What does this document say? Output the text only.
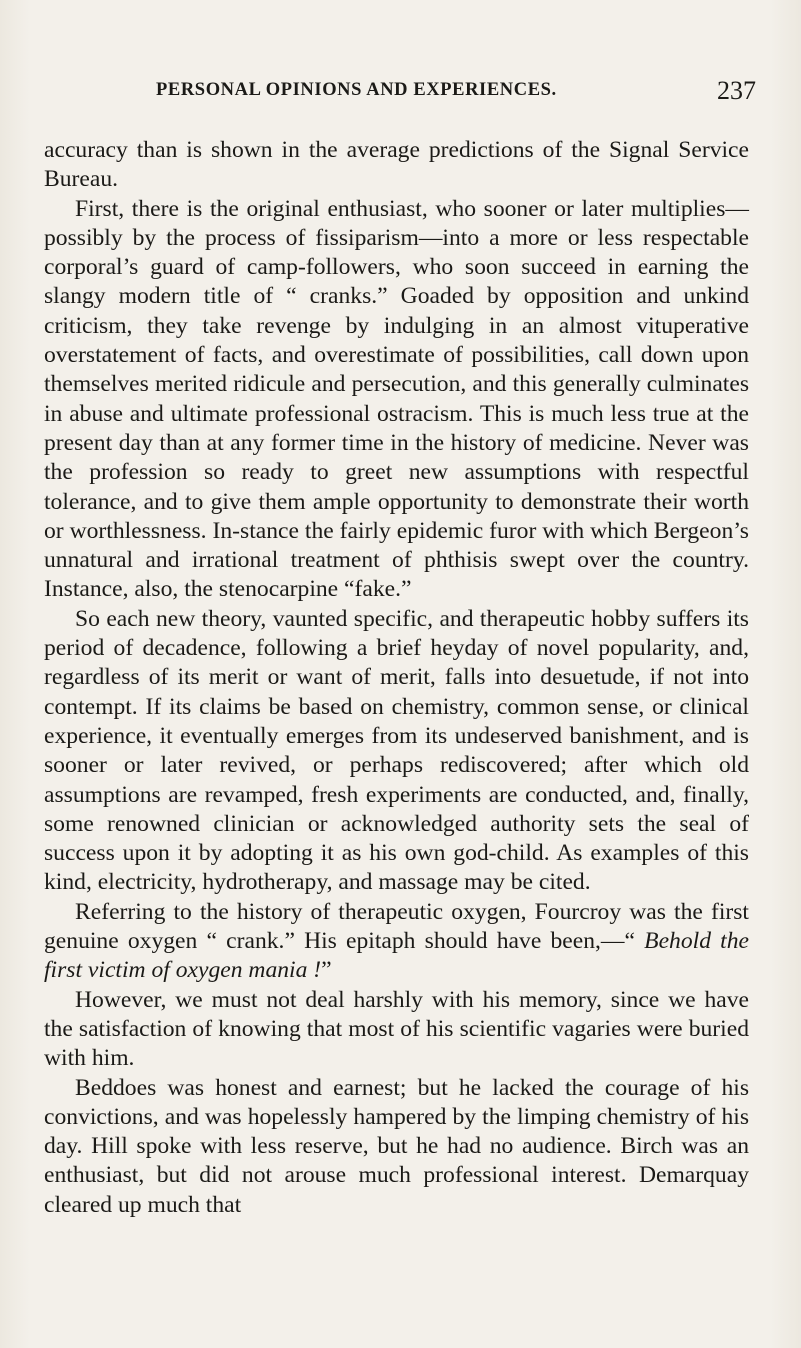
PERSONAL OPINIONS AND EXPERIENCES.	237

accuracy than is shown in the average predictions of the Signal Service Bureau.

First, there is the original enthusiast, who sooner or later multiplies—possibly by the process of fissiparism—into a more or less respectable corporal’s guard of camp-followers, who soon succeed in earning the slangy modern title of “ cranks.” Goaded by opposition and unkind criticism, they take revenge by indulging in an almost vituperative overstatement of facts, and overestimate of possibilities, call down upon themselves merited ridicule and persecution, and this generally culminates in abuse and ultimate professional ostracism. This is much less true at the present day than at any former time in the history of medicine. Never was the profession so ready to greet new assumptions with respectful tolerance, and to give them ample opportunity to demonstrate their worth or worthlessness. In-stance the fairly epidemic furor with which Bergeon’s unnatural and irrational treatment of phthisis swept over the country. Instance, also, the stenocarpine “fake.”

So each new theory, vaunted specific, and therapeutic hobby suffers its period of decadence, following a brief heyday of novel popularity, and, regardless of its merit or want of merit, falls into desuetude, if not into contempt. If its claims be based on chemistry, common sense, or clinical experience, it eventually emerges from its undeserved banishment, and is sooner or later revived, or perhaps rediscovered; after which old assumptions are revamped, fresh experiments are conducted, and, finally, some renowned clinician or acknowledged authority sets the seal of success upon it by adopting it as his own god-child. As examples of this kind, electricity, hydrotherapy, and massage may be cited.

Referring to the history of therapeutic oxygen, Fourcroy was the first genuine oxygen “ crank.” His epitaph should have been,—“ Behold the first victim of oxygen mania !”

However, we must not deal harshly with his memory, since we have the satisfaction of knowing that most of his scientific vagaries were buried with him.

Beddoes was honest and earnest; but he lacked the courage of his convictions, and was hopelessly hampered by the limping chemistry of his day. Hill spoke with less reserve, but he had no audience. Birch was an enthusiast, but did not arouse much professional interest. Demarquay cleared up much that
